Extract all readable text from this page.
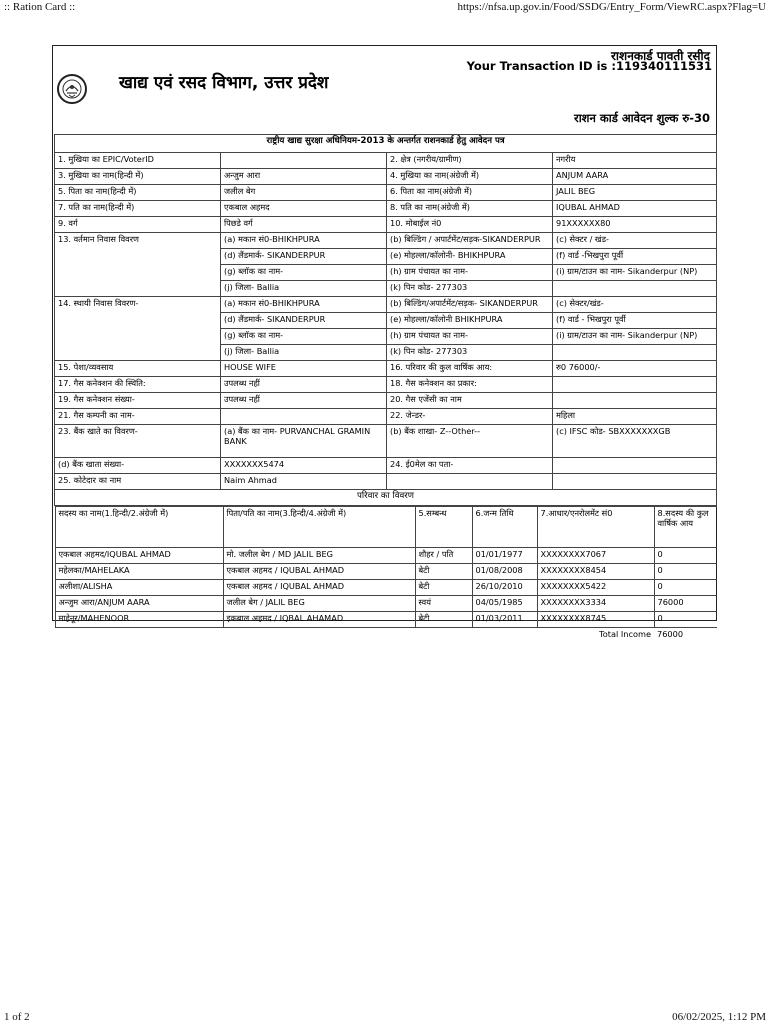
:: Ration Card ::	https://nfsa.up.gov.in/Food/SSDG/Entry_Form/ViewRC.aspx?Flag=U
राशनकार्ड पावती रसीद
Your Transaction ID is :119340111531
खाद्य एवं रसद विभाग, उत्तर प्रदेश
राशन कार्ड आवेदन शुल्क रु-30
राष्ट्रीय खाद्य सुरक्षा अधिनियम-2013 के अन्तर्गत राशनकार्ड हेतु आवेदन पत्र
1. मुखिया का EPIC/VoterID		2. क्षेत्र (नगरीय/ग्रामीण)	नगरीय
3. मुखिया का नाम(हिन्दी में)	अन्जुम आरा	4. मुखिया का नाम(अंग्रेजी में)	ANJUM AARA
5. पिता का नाम(हिन्दी में)	जलील बेग	6. पिता का नाम(अंग्रेजी में)	JALIL BEG
7. पति का नाम(हिन्दी में)	एकबाल अहमद	8. पति का नाम(अंग्रेजी में)	IQUBAL AHMAD
9. वर्ग	पिछडे वर्ग	10. मोबाईल नं0	91XXXXXX80
13. वर्तमान निवास विवरण	(a) मकान सं0-BHIKHPURA	(b) बिल्डिंग / अपार्टमेंट/सड़क-SIKANDERPUR	(c) सेक्टर / खंड-
(d) लैंडमार्क- SIKANDERPUR	(e) मोहल्ला/कॉलोनी- BHIKHPURA	(f) वार्ड -भिखपुरा पूर्वी
(g) ब्लॉक का नाम-	(h) ग्राम पंचायत का नाम-	(i) ग्राम/टाउन का नाम- Sikanderpur (NP)
(j) जिला- Ballia	(k) पिन कोड- 277303	
14. स्थायी निवास विवरण-	(a) मकान सं0-BHIKHPURA	(b) बिल्डिंग/अपार्टमेंट/सड़क- SIKANDERPUR	(c) सेक्टर/खंड-
(d) लैंडमार्क- SIKANDERPUR	(e) मोहल्ला/कॉलोनी BHIKHPURA	(f) वार्ड - भिखपुरा पूर्वी
(g) ब्लॉक का नाम-	(h) ग्राम पंचायत का नाम-	(i) ग्राम/टाउन का नाम- Sikanderpur (NP)
(j) जिला- Ballia	(k) पिन कोड- 277303	
15. पेशा/व्यवसाय	HOUSE WIFE	16. परिवार की कुल वार्षिक आय:	रु0 76000/-
17. गैस कनेक्शन की स्थिति:	उपलब्ध नहीं	18. गैस कनेक्शन का प्रकार:	
19. गैस कनेक्शन संख्या-	उपलब्ध नहीं	20. गैस एजेंसी का नाम	
21. गैस कम्पनी का नाम-		22. जेन्डर-	महिला
23. बैंक खाते का विवरण-	(a) बैंक का नाम- PURVANCHAL GRAMIN BANK	(b) बैंक शाखा- Z--Other--	(c) IFSC कोड- SBXXXXXXXGB
(d) बैंक खाता संख्या-	XXXXXXX5474	24. ई0मेल का पता-	
25. कोटेदार का नाम	Naim Ahmad		
परिवार का विवरण

सदस्य का नाम(1.हिन्दी/2.अंग्रेजी में)	पिता/पति का नाम(3.हिन्दी/4.अंग्रेजी में)	5.सम्बन्ध	6.जन्म तिथि	7.आधार/एनरोलमेंट सं0	8.सदस्य की कुल वार्षिक आय
एकबाल अहमद/IQUBAL AHMAD	मो. जलील बेग / MD JALIL BEG	शौहर / पति	01/01/1977	XXXXXXXX7067	0
महेलका/MAHELAKA	एकबाल अहमद / IQUBAL AHMAD	बेटी	01/08/2008	XXXXXXXX8454	0
अलीशा/ALISHA	एकबाल अहमद / IQUBAL AHMAD	बेटी	26/10/2010	XXXXXXXX5422	0
अन्जुम आरा/ANJUM AARA	जलील बेग / JALIL BEG	स्वयं	04/05/1985	XXXXXXXX3334	76000
माहेनूर/MAHENOOR	इकबाल अहमद / IQBAL AHAMAD	बेटी	01/03/2011	XXXXXXXX8745	0
				Total Income	76000
1 of 2	06/02/2025, 1:12 PM
